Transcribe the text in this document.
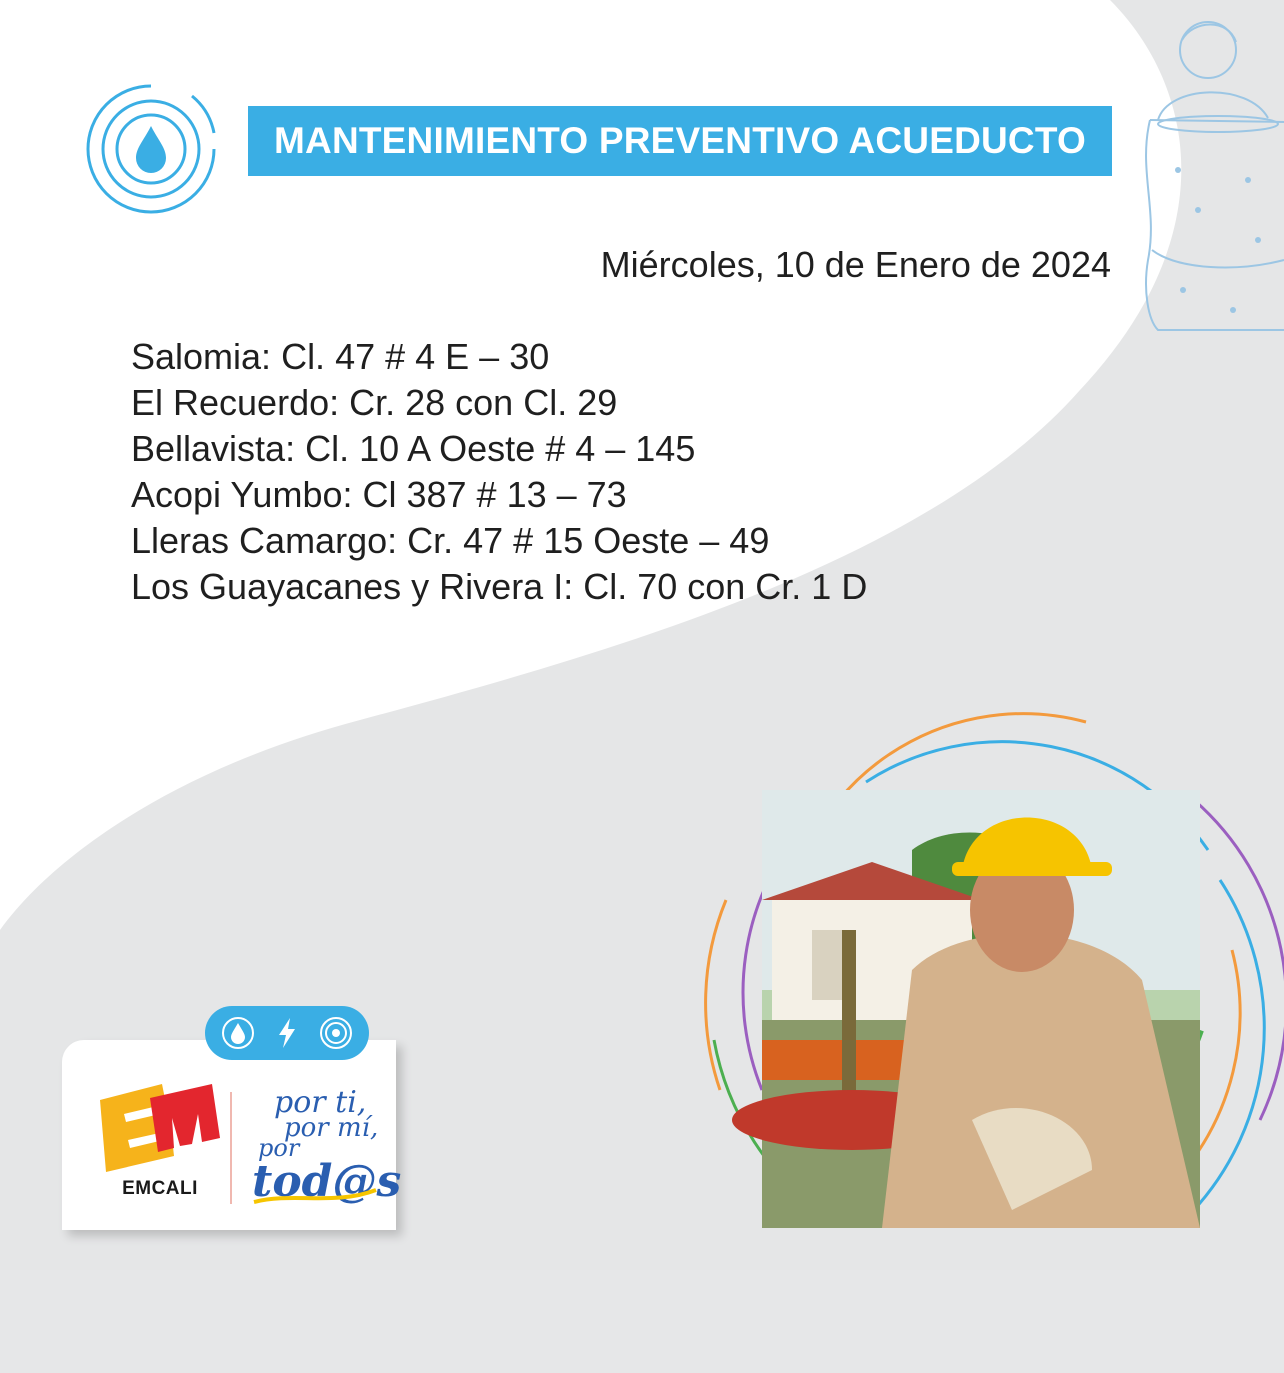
MANTENIMIENTO PREVENTIVO ACUEDUCTO
Miércoles, 10 de Enero de 2024
Salomia: Cl. 47 # 4 E – 30
El Recuerdo: Cr. 28 con Cl. 29
Bellavista: Cl. 10 A Oeste # 4 – 145
Acopi Yumbo: Cl 387 # 13 – 73
Lleras Camargo: Cr. 47 # 15 Oeste – 49
Los Guayacanes y Rivera I: Cl. 70 con Cr. 1 D
EMCALI
por ti,
por mí,
por
tod@s
